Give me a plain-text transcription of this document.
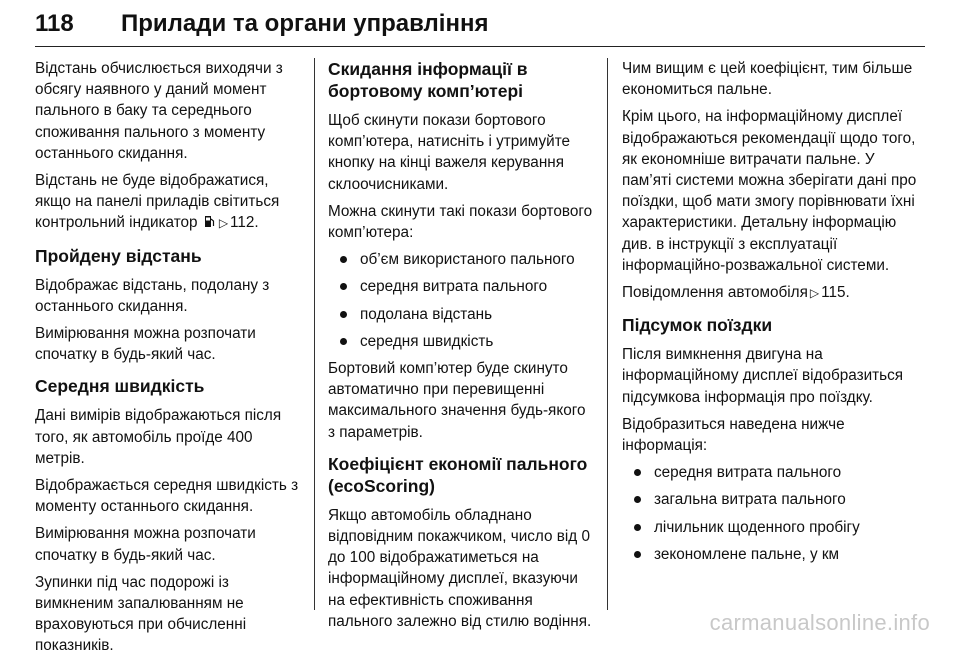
118 Прилади та органи управління

Відстань обчислюється виходячи з обсягу наявного у даний момент пального в баку та середнього споживання пального з моменту останнього скидання.

Відстань не буде відображатися, якщо на панелі приладів світиться контрольний індикатор ▷ 112.

Пройдену відстань

Відображає відстань, подолану з останнього скидання.

Вимірювання можна розпочати спочатку в будь-який час.

Середня швидкість

Дані вимірів відображаються після того, як автомобіль проїде 400 метрів.

Відображається середня швидкість з моменту останнього скидання.

Вимірювання можна розпочати спочатку в будь-який час.

Зупинки під час подорожі із вимкненим запалюванням не враховуються при обчисленні показників.

Скидання інформації в бортовому комп’ютері

Щоб скинути покази бортового комп’ютера, натисніть і утримуйте кнопку на кінці важеля керування склоочисниками.

Можна скинути такі покази бортового комп’ютера:

об’єм використаного пального
середня витрата пального
подолана відстань
середня швидкість

Бортовий комп’ютер буде скинуто автоматично при перевищенні максимального значення будь-якого з параметрів.

Коефіцієнт економії пального (ecoScoring)

Якщо автомобіль обладнано відповідним покажчиком, число від 0 до 100 відображатиметься на інформаційному дисплеї, вказуючи на ефективність споживання пального залежно від стилю водіння.

Чим вищим є цей коефіцієнт, тим більше економиться пальне.

Крім цього, на інформаційному дисплеї відображаються рекомендації щодо того, як економніше витрачати пальне. У пам’яті системи можна зберігати дані про поїздки, щоб мати змогу порівнювати їхні характеристики. Детальну інформацію див. в інструкції з експлуатації інформаційно-розважальної системи.

Повідомлення автомобіля ▷ 115.

Підсумок поїздки

Після вимкнення двигуна на інформаційному дисплеї відобразиться підсумкова інформація про поїздку.

Відобразиться наведена нижче інформація:

середня витрата пального
загальна витрата пального
лічильник щоденного пробігу
зекономлене пальне, у км
carmanualsonline.info
